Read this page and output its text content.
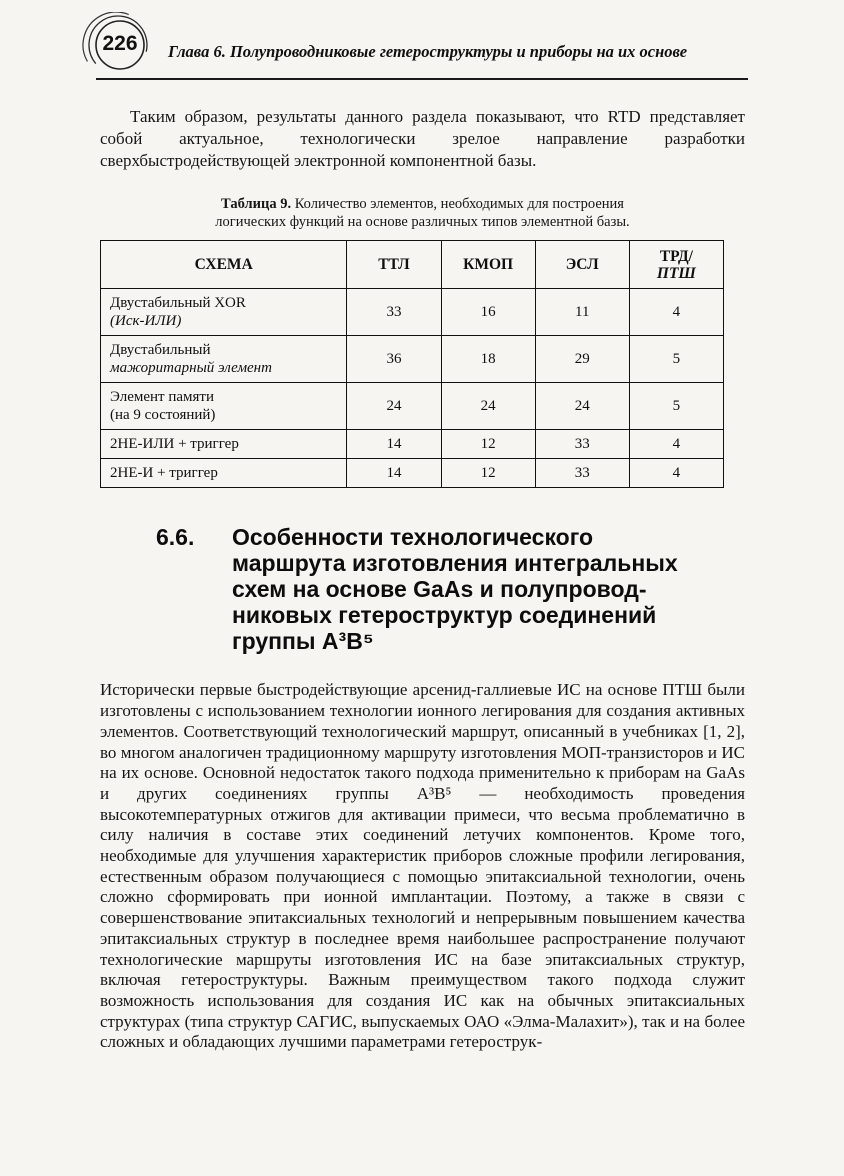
226 Глава 6. Полупроводниковые гетероструктуры и приборы на их основе

Таким образом, результаты данного раздела показывают, что RTD представляет собой актуальное, технологически зрелое направление разработки сверхбыстродействующей электронной компонентной базы.

Таблица 9. Количество элементов, необходимых для построения
логических функций на основе различных типов элементной базы.
СХЕМА	ТТЛ	КМОП	ЭСЛ	ТРД/
ПТШ

Двустабильный XOR
(Иск-ИЛИ)	33	16	11	4

Двустабильный
мажоритарный элемент	36	18	29	5

Элемент памяти
(на 9 состояний)	24	24	24	5

2НЕ-ИЛИ + триггер	14	12	33	4

2НЕ-И + триггер	14	12	33	4
6.6.	Особенности технологического
маршрута изготовления интегральных
схем на основе GaAs и полупровод-
никовых гетероструктур соединений
группы А³В⁵

Исторически первые быстродействующие арсенид-галлиевые ИС на основе ПТШ были изготовлены с использованием технологии ионного легирования для создания активных элементов. Соответствующий технологический маршрут, описанный в учебниках [1, 2], во многом аналогичен традиционному маршруту изготовления МОП-транзисторов и ИС на их основе. Основной недостаток такого подхода применительно к приборам на GaAs и других соединениях группы А³В⁵ — необходимость проведения высокотемпературных отжигов для активации примеси, что весьма проблематично в силу наличия в составе этих соединений летучих компонентов. Кроме того, необходимые для улучшения характеристик приборов сложные профили легирования, естественным образом получающиеся с помощью эпитаксиальной технологии, очень сложно сформировать при ионной имплантации. Поэтому, а также в связи с совершенствование эпитаксиальных технологий и непрерывным повышением качества эпитаксиальных структур в последнее время наибольшее распространение получают технологические маршруты изготовления ИС на базе эпитаксиальных структур, включая гетероструктуры. Важным преимуществом такого подхода служит возможность использования для создания ИС как на обычных эпитаксиальных структурах (типа структур САГИС, выпускаемых ОАО «Элма-Малахит»), так и на более сложных и обладающих лучшими параметрами гетерострук-
